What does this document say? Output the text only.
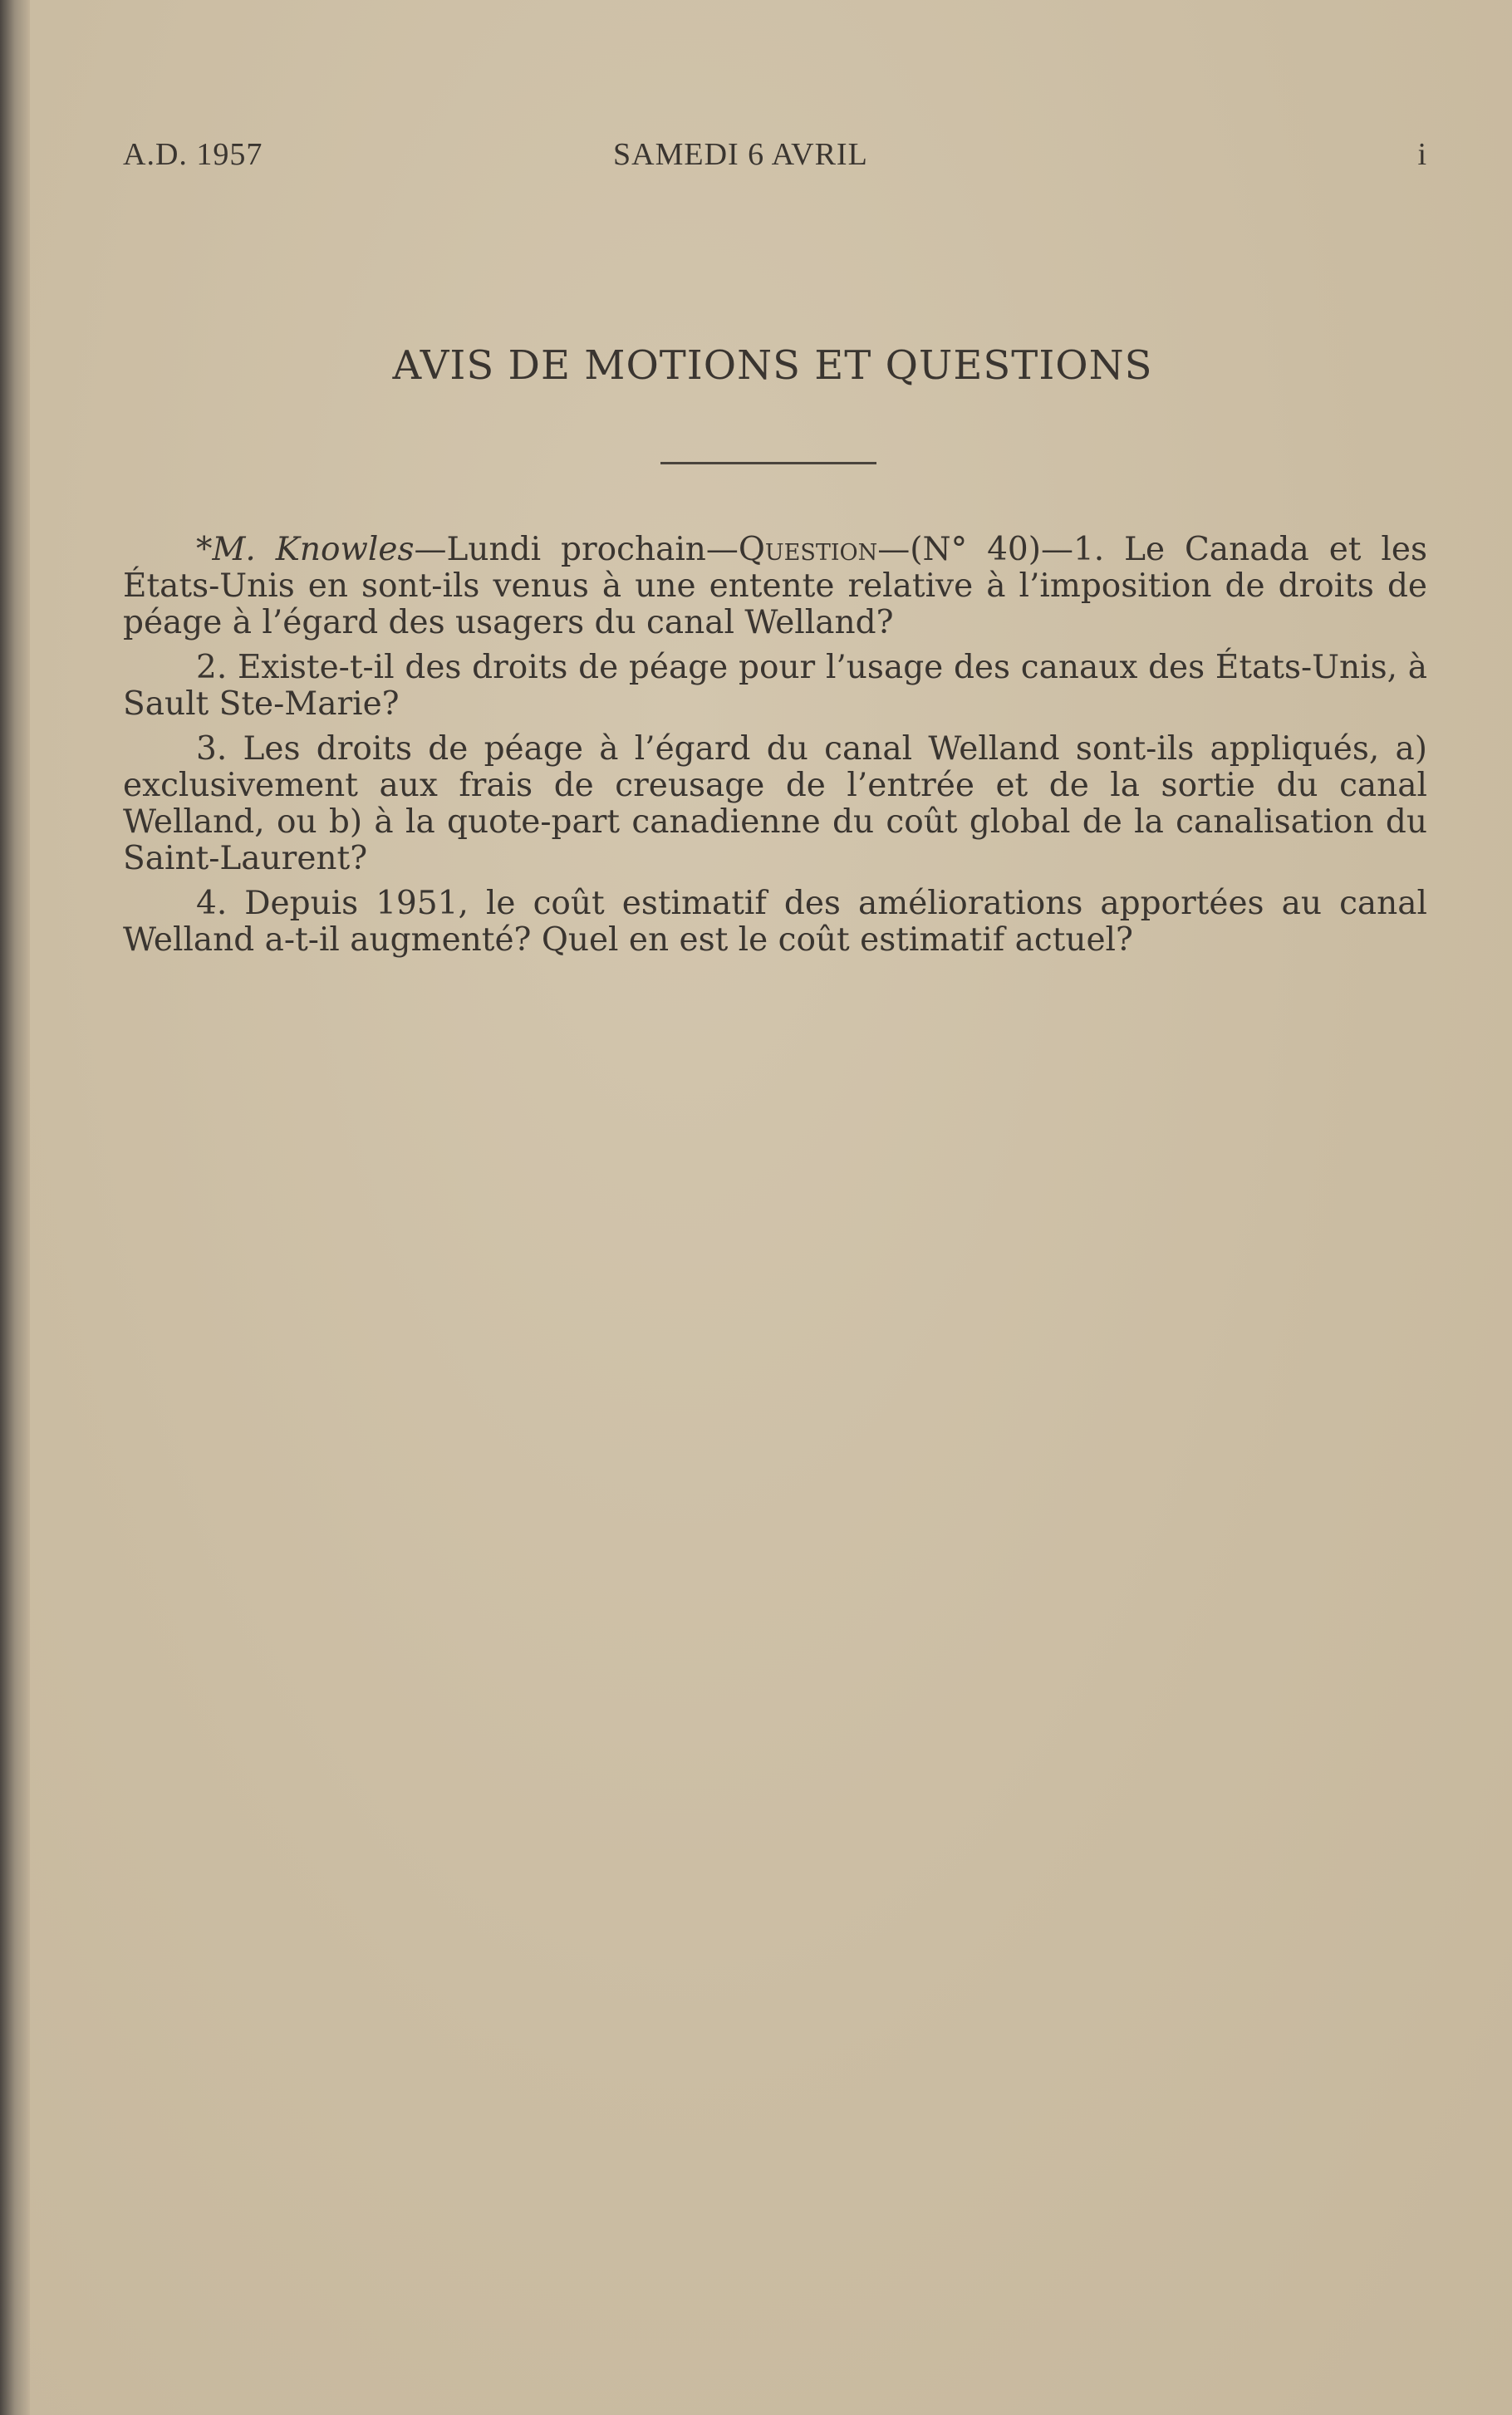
A.D. 1957	SAMEDI 6 AVRIL	i
AVIS DE MOTIONS ET QUESTIONS

*M. Knowles—Lundi prochain—Question—(N° 40)—1. Le Canada et les États-Unis en sont-ils venus à une entente relative à l’imposition de droits de péage à l’égard des usagers du canal Welland?

2. Existe-t-il des droits de péage pour l’usage des canaux des États-Unis, à Sault Ste-Marie?

3. Les droits de péage à l’égard du canal Welland sont-ils appliqués, a) exclusivement aux frais de creusage de l’entrée et de la sortie du canal Welland, ou b) à la quote-part canadienne du coût global de la canalisation du Saint-Laurent?

4. Depuis 1951, le coût estimatif des améliorations apportées au canal Welland a-t-il augmenté? Quel en est le coût estimatif actuel?
